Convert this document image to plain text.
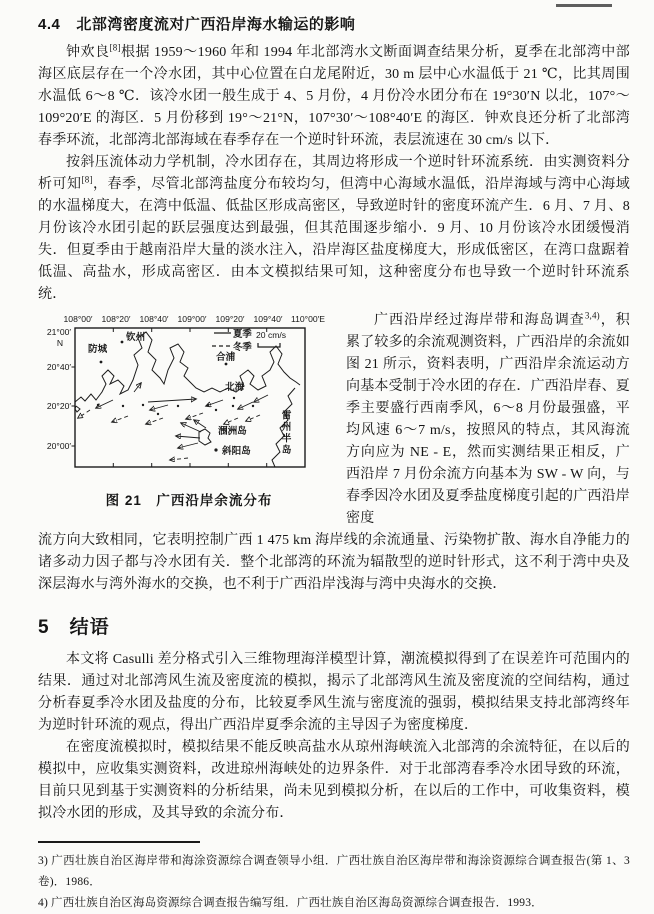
4.4 北部湾密度流对广西沿岸海水输运的影响

钟欢良[8]根据 1959～1960 年和 1994 年北部湾水文断面调查结果分析，夏季在北部湾中部海区底层存在一个冷水团，其中心位置在白龙尾附近，30 m 层中心水温低于 21 ℃，比其周围水温低 6～8 ℃．该冷水团一般生成于 4、5 月份，4 月份冷水团分布在 19°30′N 以北，107°～109°20′E 的海区．5 月份移到 19°～21°N，107°30′～108°40′E 的海区．钟欢良还分析了北部湾春季环流，北部湾北部海域在春季存在一个逆时针环流，表层流速在 30 cm/s 以下．

按斜压流体动力学机制，冷水团存在，其周边将形成一个逆时针环流系统．由实测资料分析可知[8]，春季，尽管北部湾盐度分布较均匀，但湾中心海域水温低，沿岸海域与湾中心海域的水温梯度大，在湾中低温、低盐区形成高密区，导致逆时针的密度环流产生．6 月、7 月、8 月份该冷水团引起的跃层强度达到最强，但其范围逐步缩小．9 月、10 月份该冷水团缓慢消失．但夏季由于越南沿岸大量的淡水注入，沿岸海区盐度梯度大，形成低密区，在湾口盘踞着低温、高盐水，形成高密区．由本文模拟结果可知，这种密度分布也导致一个逆时针环流系统．

108°00′ 108°20′ 108°40′ 109°00′ 109°20′ 109°40′ 110°00′E
21°00′
N
20°40′
20°20′
20°00′
钦州
防城
合浦
北海
涠洲岛
斜阳岛	雷州半岛
夏季
冬季
20 cm/s
图 21　广西沿岸余流分布

广西沿岸经过海岸带和海岛调查$^{3,4)}$，积累了较多的余流观测资料，广西沿岸的余流如图 21 所示，资料表明，广西沿岸余流运动方向基本受制于冷水团的存在．广西沿岸春、夏季主要盛行西南季风，6～8 月份最强盛，平均风速 6～7 m/s，按照风的特点，其风海流方向应为 NE - E，然而实测结果正相反，广西沿岸 7 月份余流方向基本为 SW - W 向，与春季因冷水团及夏季盐度梯度引起的广西沿岸密度

流方向大致相同，它表明控制广西 1 475 km 海岸线的余流通量、污染物扩散、海水自净能力的诸多动力因子都与冷水团有关．整个北部湾的环流为辐散型的逆时针形式，这不利于湾中央及深层海水与湾外海水的交换，也不利于广西沿岸浅海与湾中央海水的交换．

5 结语

本文将 Casulli 差分格式引入三维物理海洋模型计算，潮流模拟得到了在误差许可范围内的结果．通过对北部湾风生流及密度流的模拟，揭示了北部湾风生流及密度流的空间结构，通过分析春夏季冷水团及盐度的分布，比较夏季风生流与密度流的强弱，模拟结果支持北部湾终年为逆时针环流的观点，得出广西沿岸夏季余流的主导因子为密度梯度．

在密度流模拟时，模拟结果不能反映高盐水从琼州海峡流入北部湾的余流特征，在以后的模拟中，应收集实测资料，改进琼州海峡处的边界条件．对于北部湾春季冷水团导致的环流，目前只见到基于实测资料的分析结果，尚未见到模拟分析，在以后的工作中，可收集资料，模拟冷水团的形成，及其导致的余流分布．

3) 广西壮族自治区海岸带和海涂资源综合调查领导小组．广西壮族自治区海岸带和海涂资源综合调查报告(第 1、3 卷)．1986．

4) 广西壮族自治区海岛资源综合调查报告编写组．广西壮族自治区海岛资源综合调查报告．1993．
